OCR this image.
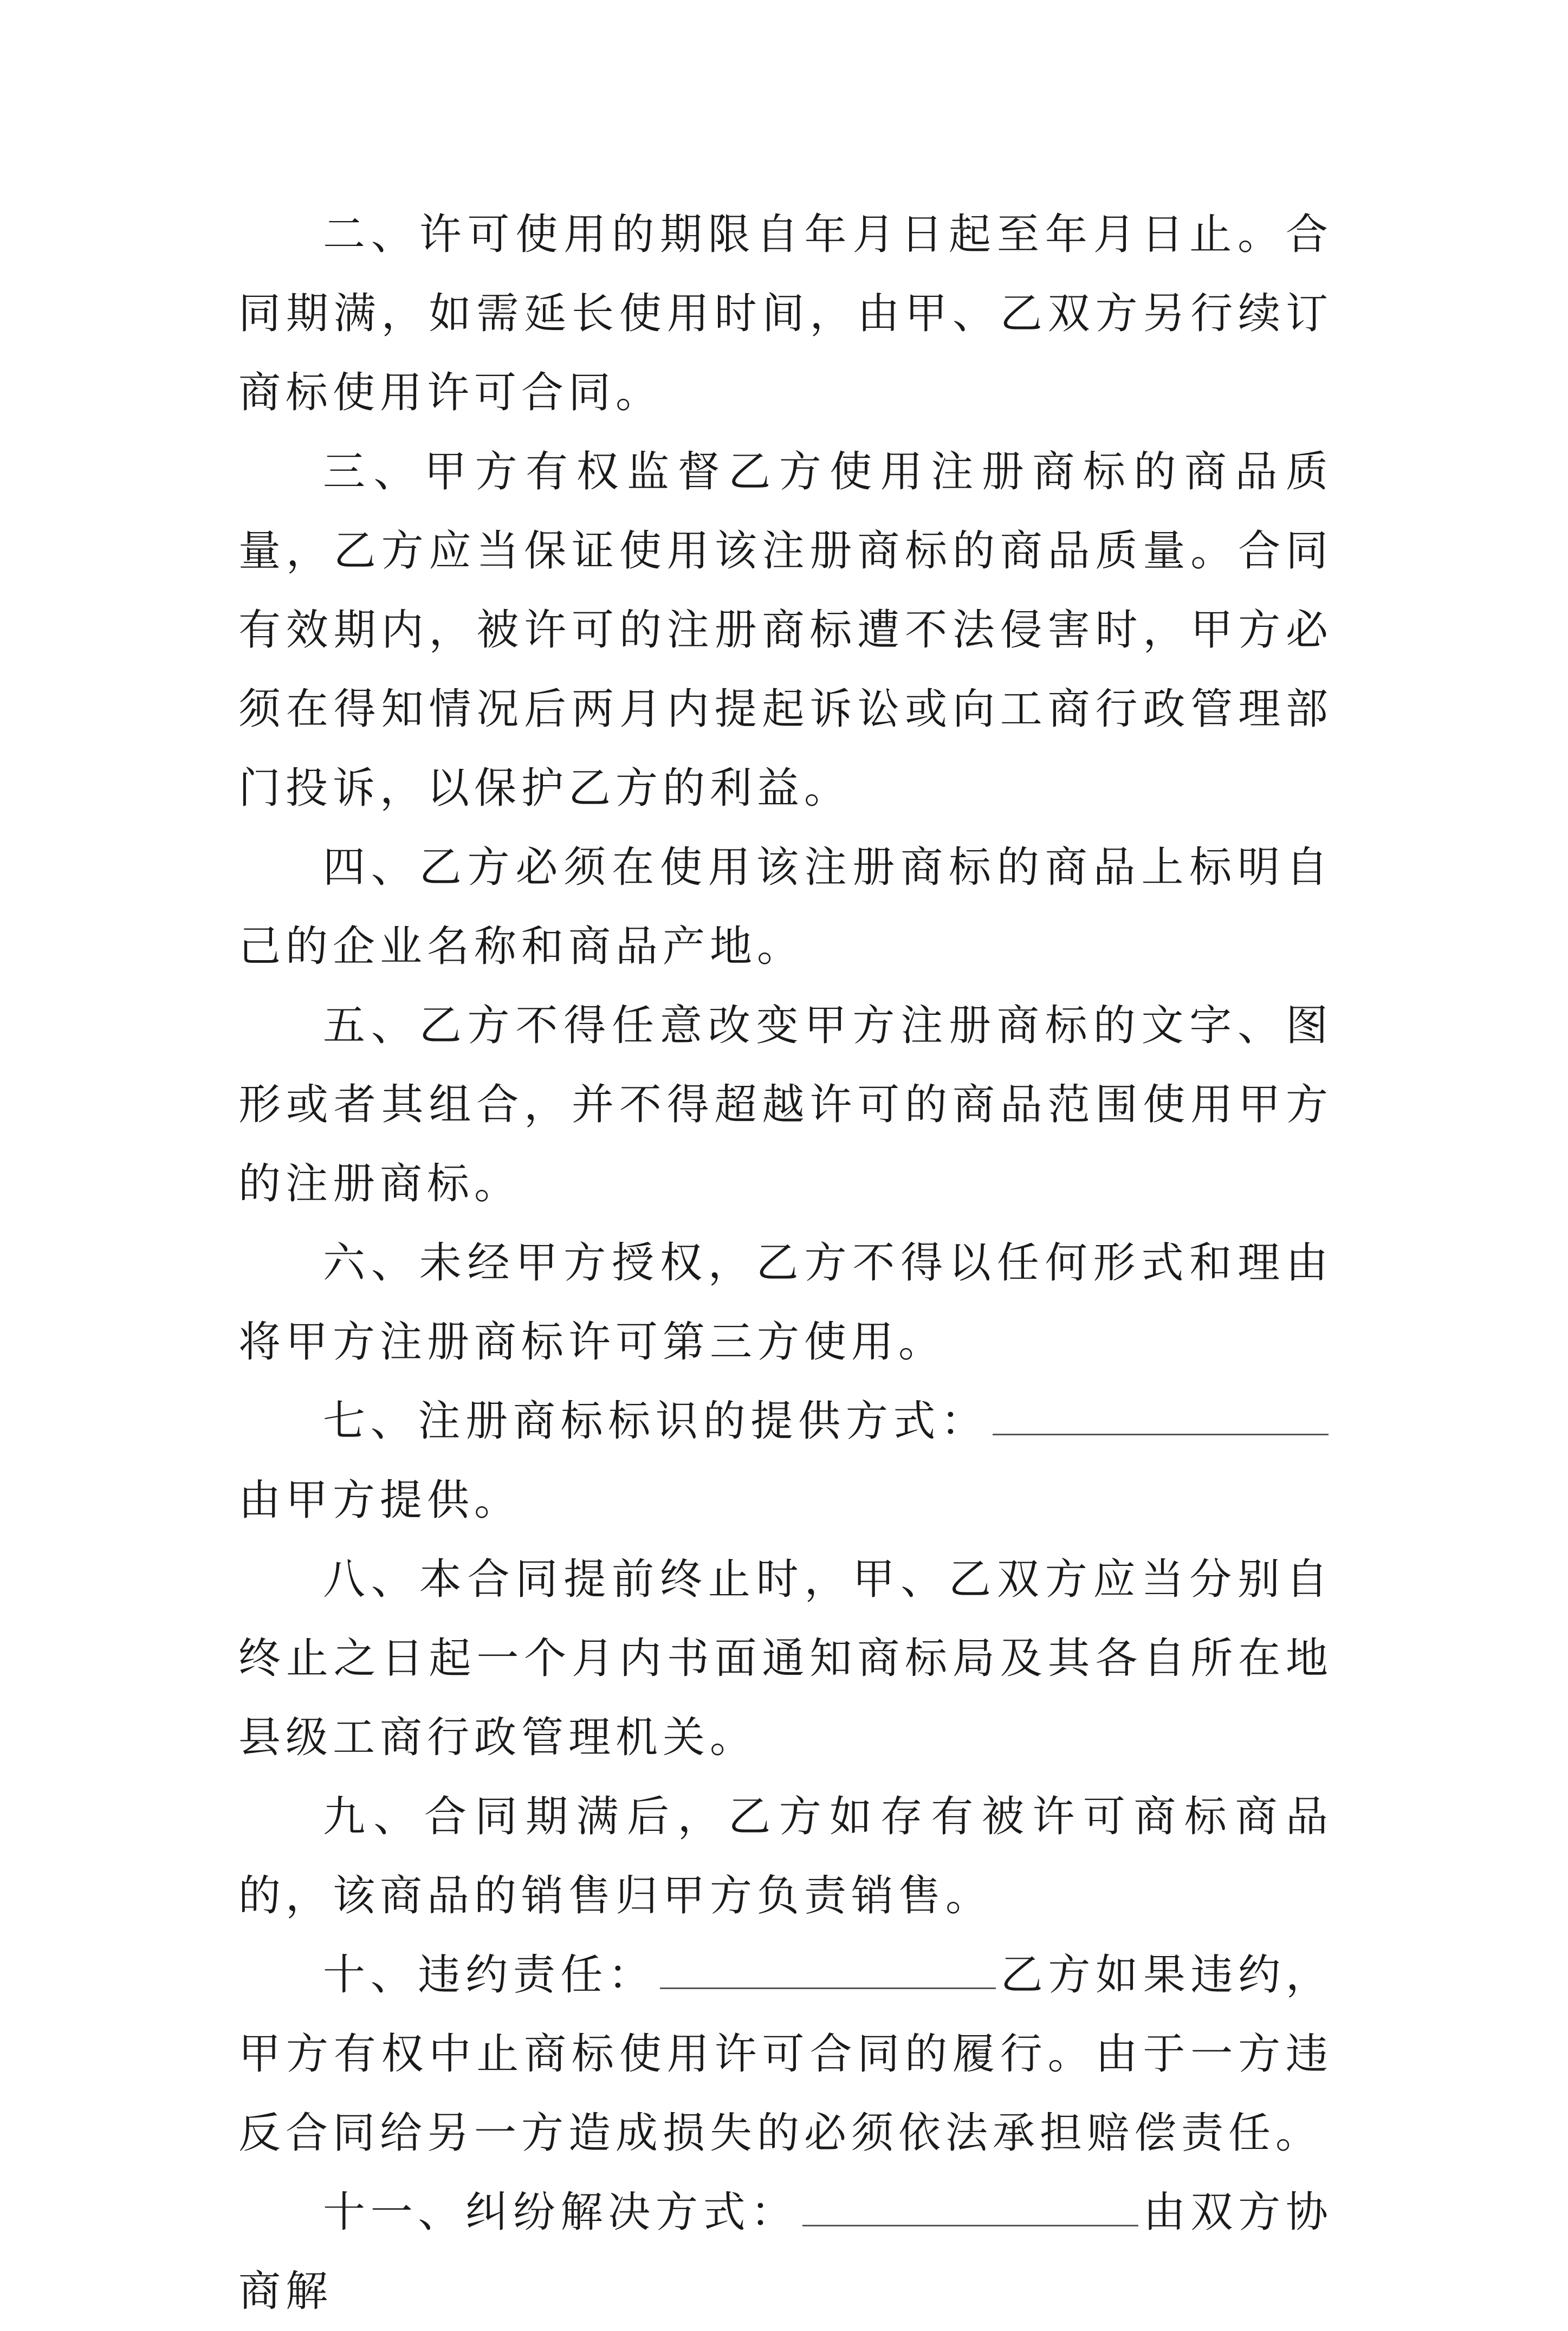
二、许可使用的期限自年月日起至年月日止。合同期满，如需延长使用时间，由甲、乙双方另行续订商标使用许可合同。

三、甲方有权监督乙方使用注册商标的商品质量，乙方应当保证使用该注册商标的商品质量。合同有效期内，被许可的注册商标遭不法侵害时，甲方必须在得知情况后两月内提起诉讼或向工商行政管理部门投诉，以保护乙方的利益。

四、乙方必须在使用该注册商标的商品上标明自己的企业名称和商品产地。

五、乙方不得任意改变甲方注册商标的文字、图形或者其组合，并不得超越许可的商品范围使用甲方的注册商标。

六、未经甲方授权，乙方不得以任何形式和理由将甲方注册商标许可第三方使用。

七、注册商标标识的提供方式：由甲方提供。

八、本合同提前终止时，甲、乙双方应当分别自终止之日起一个月内书面通知商标局及其各自所在地县级工商行政管理机关。

九、合同期满后，乙方如存有被许可商标商品的，该商品的销售归甲方负责销售。

十、违约责任：	乙方如果违约，甲方有权中止商标使用许可合同的履行。由于一方违反合同给另一方造成损失的必须依法承担赔偿责任。

十一、纠纷解决方式：	由双方协商解
